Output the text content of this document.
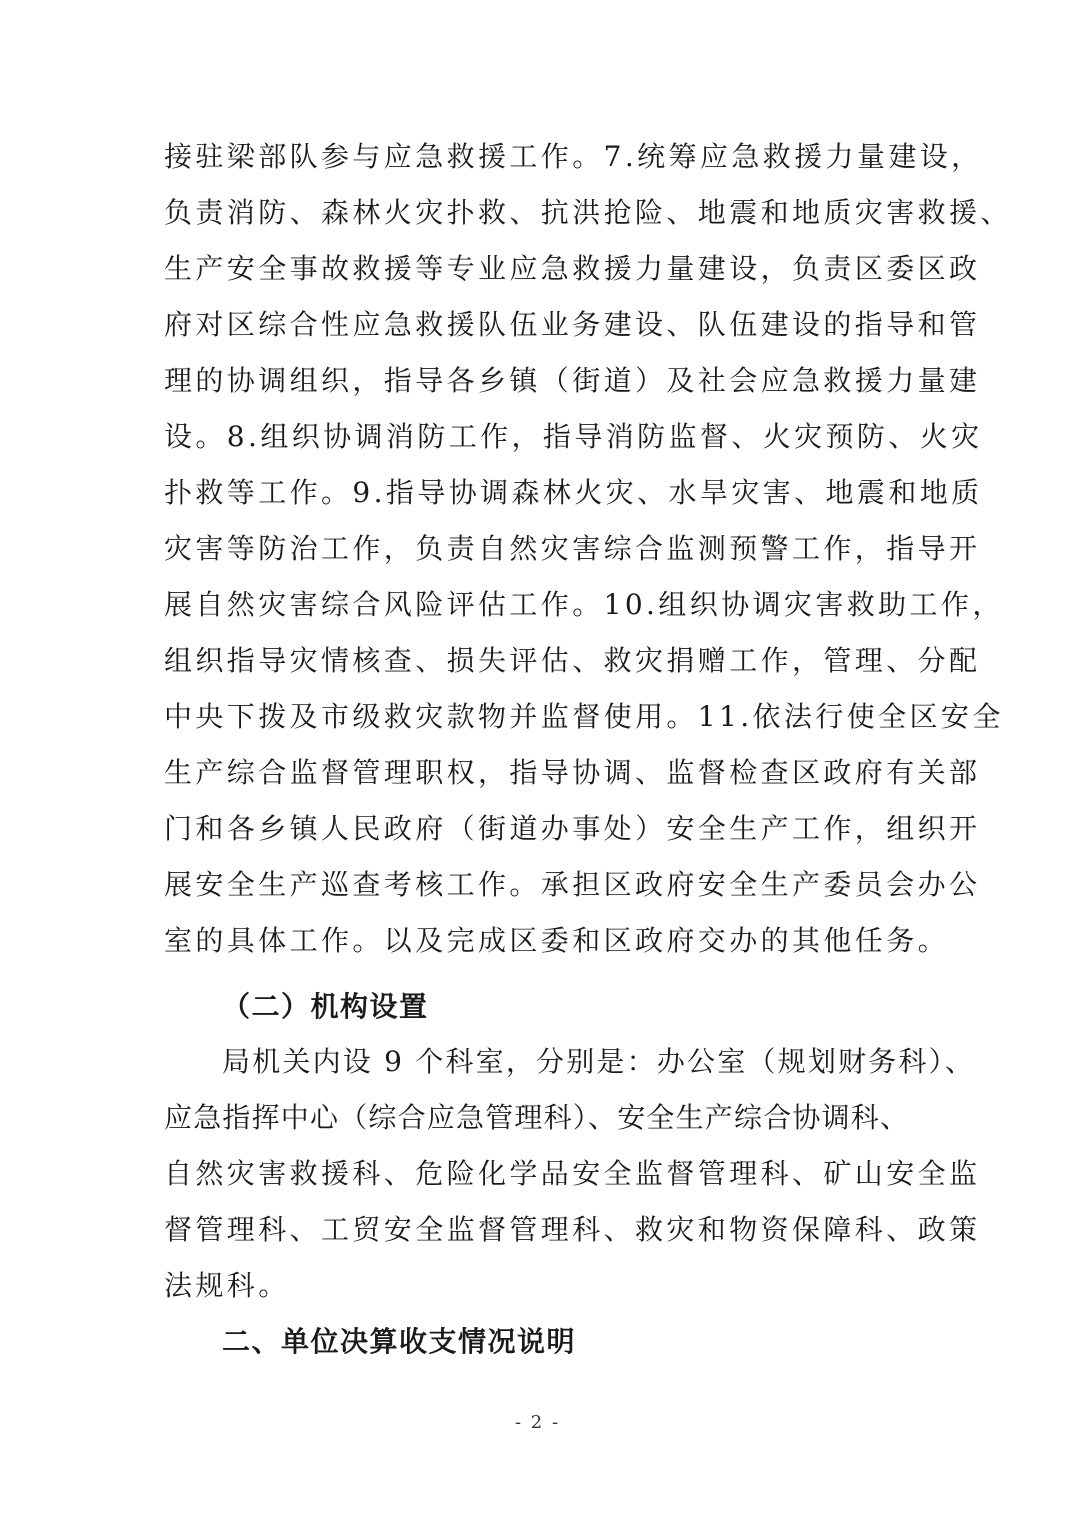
接驻梁部队参与应急救援工作。7.统筹应急救援力量建设，
负责消防、森林火灾扑救、抗洪抢险、地震和地质灾害救援、
生产安全事故救援等专业应急救援力量建设，负责区委区政
府对区综合性应急救援队伍业务建设、队伍建设的指导和管
理的协调组织，指导各乡镇（街道）及社会应急救援力量建
设。8.组织协调消防工作，指导消防监督、火灾预防、火灾
扑救等工作。9.指导协调森林火灾、水旱灾害、地震和地质
灾害等防治工作，负责自然灾害综合监测预警工作，指导开
展自然灾害综合风险评估工作。10.组织协调灾害救助工作，
组织指导灾情核查、损失评估、救灾捐赠工作，管理、分配
中央下拨及市级救灾款物并监督使用。11.依法行使全区安全
生产综合监督管理职权，指导协调、监督检查区政府有关部
门和各乡镇人民政府（街道办事处）安全生产工作，组织开
展安全生产巡查考核工作。承担区政府安全生产委员会办公
室的具体工作。以及完成区委和区政府交办的其他任务。
（二）机构设置
局机关内设 9 个科室，分别是：办公室（规划财务科）、
应急指挥中心（综合应急管理科）、安全生产综合协调科、
自然灾害救援科、危险化学品安全监督管理科、矿山安全监
督管理科、工贸安全监督管理科、救灾和物资保障科、政策
法规科。
二、单位决算收支情况说明
- 2 -
